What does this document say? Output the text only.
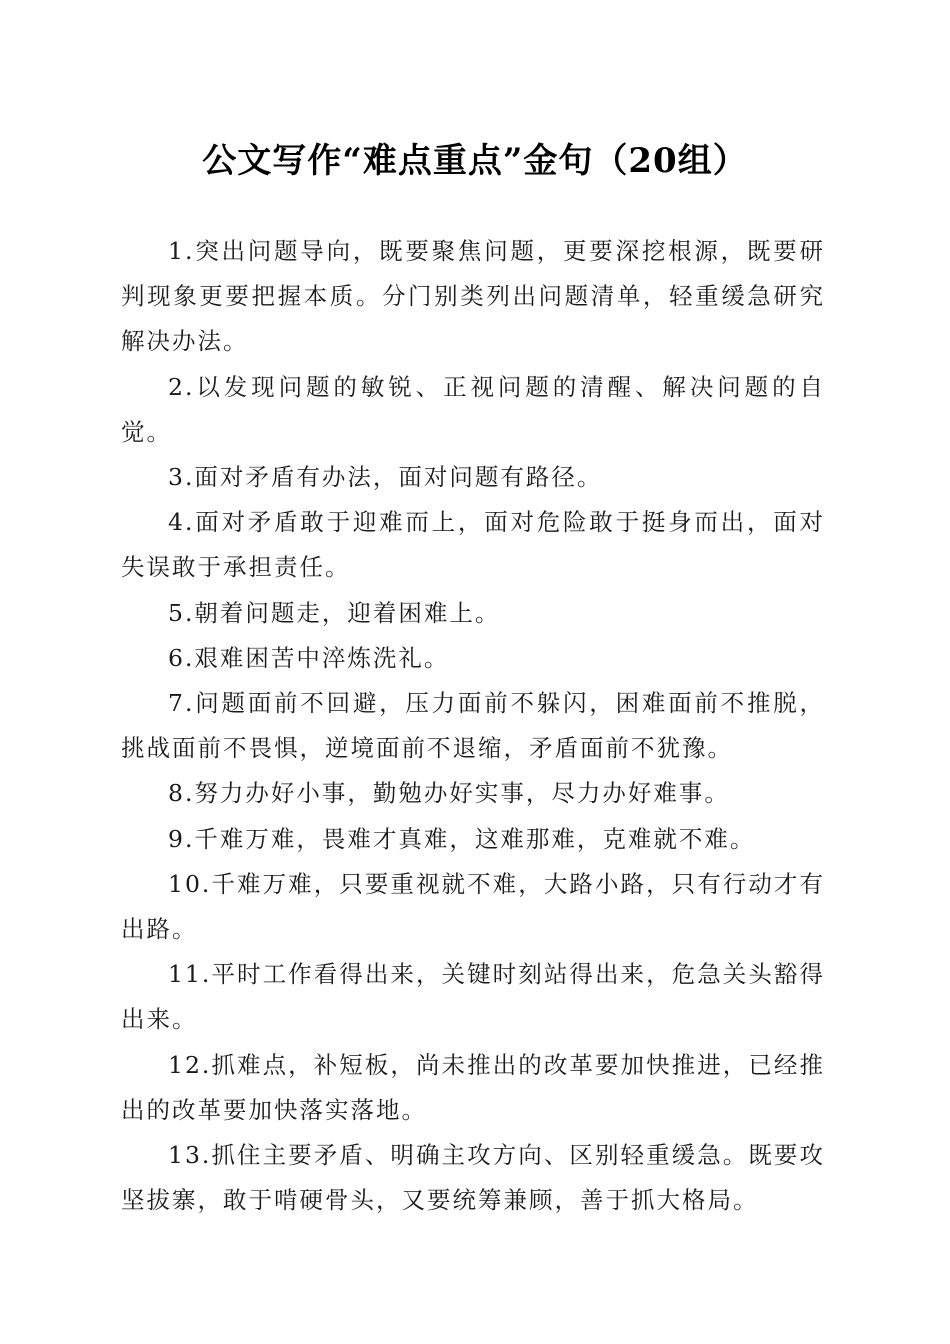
公文写作“难点重点”金句（20组）

1.突出问题导向，既要聚焦问题，更要深挖根源，既要研判现象更要把握本质。分门别类列出问题清单，轻重缓急研究解决办法。

2.以发现问题的敏锐、正视问题的清醒、解决问题的自觉。

3.面对矛盾有办法，面对问题有路径。

4.面对矛盾敢于迎难而上，面对危险敢于挺身而出，面对失误敢于承担责任。

5.朝着问题走，迎着困难上。

6.艰难困苦中淬炼洗礼。

7.问题面前不回避，压力面前不躲闪，困难面前不推脱，挑战面前不畏惧，逆境面前不退缩，矛盾面前不犹豫。

8.努力办好小事，勤勉办好实事，尽力办好难事。

9.千难万难，畏难才真难，这难那难，克难就不难。

10.千难万难，只要重视就不难，大路小路，只有行动才有出路。

11.平时工作看得出来，关键时刻站得出来，危急关头豁得出来。

12.抓难点，补短板，尚未推出的改革要加快推进，已经推出的改革要加快落实落地。

13.抓住主要矛盾、明确主攻方向、区别轻重缓急。既要攻坚拔寨，敢于啃硬骨头，又要统筹兼顾，善于抓大格局。
